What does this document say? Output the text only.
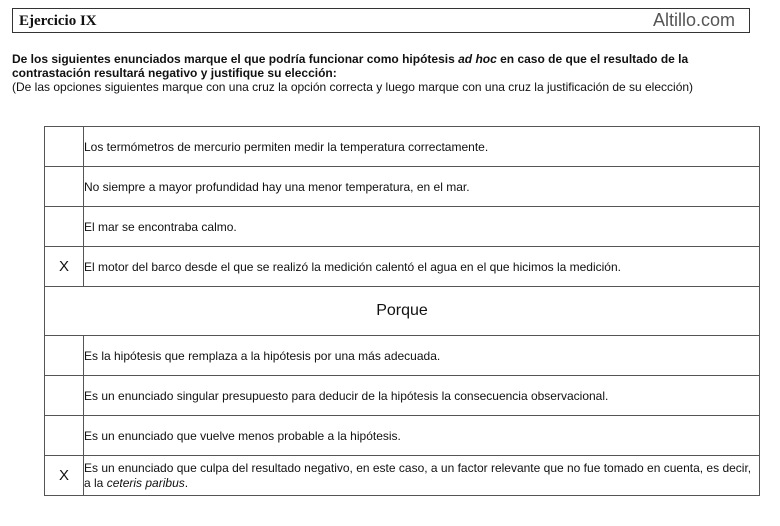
Ejercicio IX	Altillo.com
De los siguientes enunciados marque el que podría funcionar como hipótesis ad hoc en caso de que el resultado de la contrastación resultará negativo y justifique su elección:
(De las opciones siguientes marque con una cruz la opción correcta y luego marque con una cruz la justificación de su elección)
	Los termómetros de mercurio permiten medir la temperatura correctamente.
	No siempre a mayor profundidad hay una menor temperatura, en el mar.
	El mar se encontraba calmo.
X	El motor del barco desde el que se realizó la medición calentó el agua en el que hicimos la medición.
Porque	
	Es la hipótesis que remplaza a la hipótesis por una más adecuada.
	Es un enunciado singular presupuesto para deducir de la hipótesis la consecuencia observacional.
	Es un enunciado que vuelve menos probable a la hipótesis.
X	Es un enunciado que culpa del resultado negativo, en este caso, a un factor relevante que no fue tomado en cuenta, es decir, a la ceteris paribus.
